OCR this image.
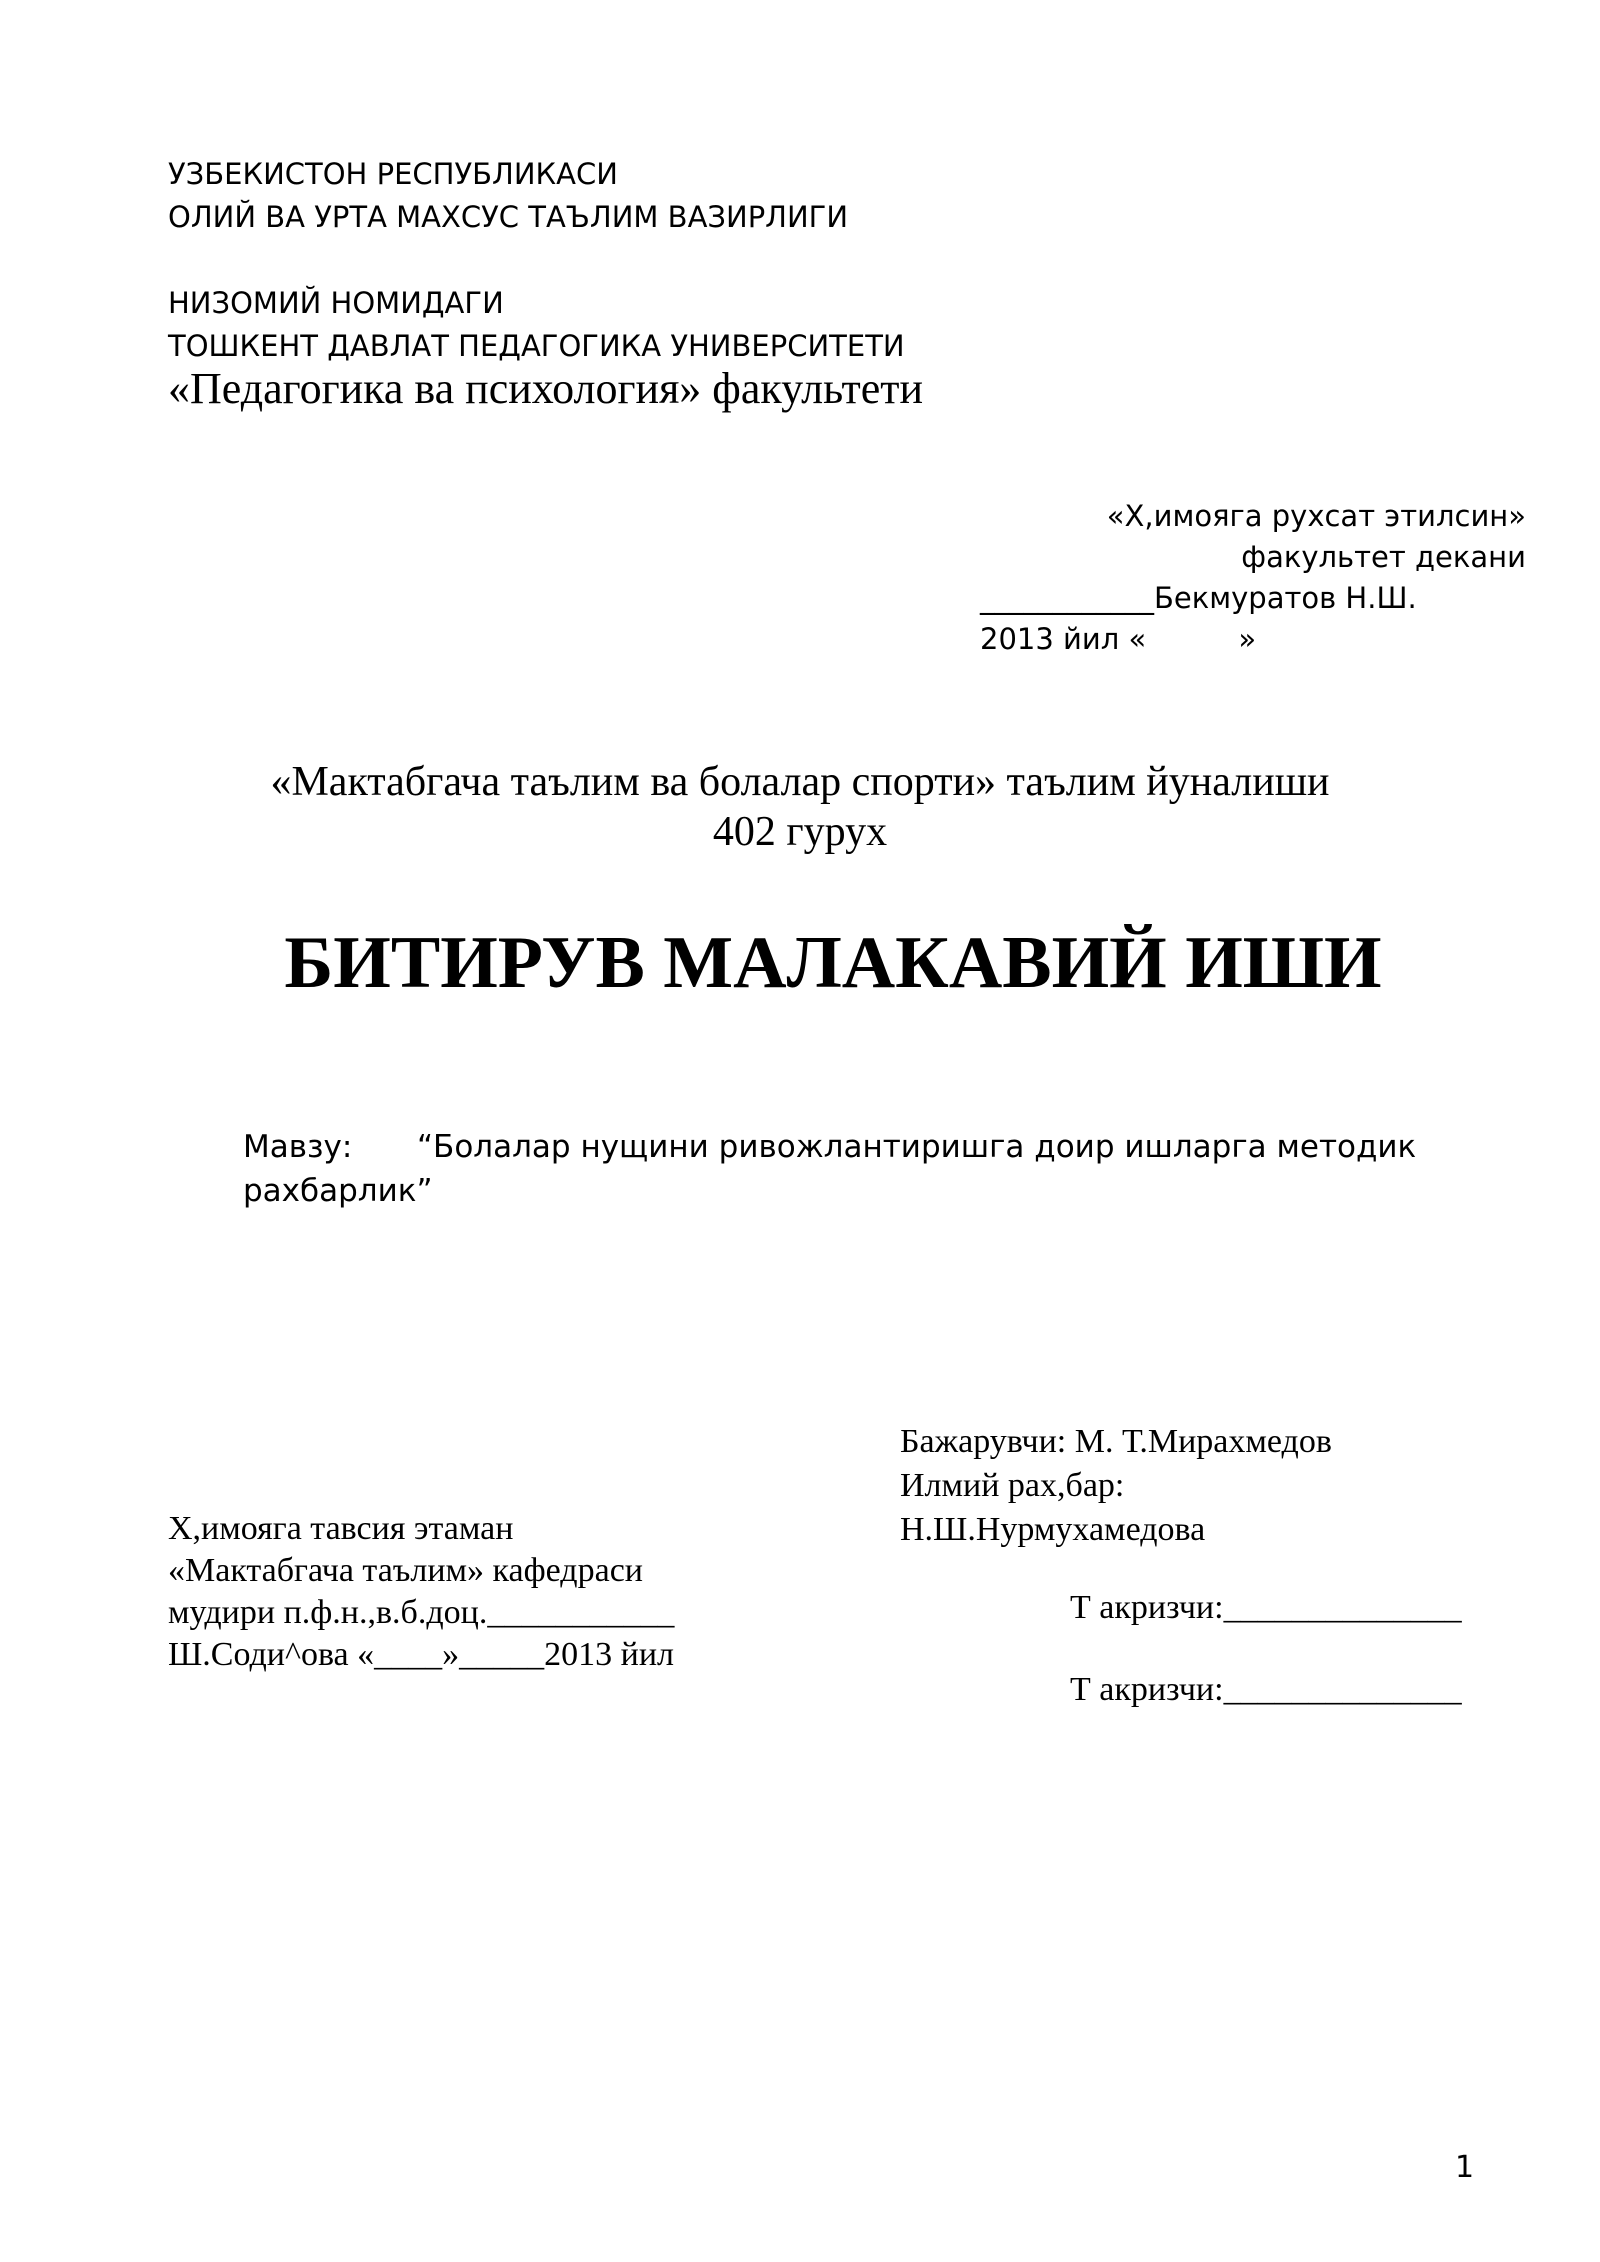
УЗБЕКИСТОН РЕСПУБЛИКАСИ
ОЛИЙ ВА УРТА МАХСУС ТАЪЛИМ ВАЗИРЛИГИ
НИЗОМИЙ НОМИДАГИ
ТОШКЕНТ ДАВЛАТ ПЕДАГОГИКА УНИВЕРСИТЕТИ
«Педагогика ва психология» факультети
«Х,имояга рухсат этилсин»
факультет декани
____________Бекмуратов Н.Ш.
2013 йил «          »
«Мактабгача таълим ва болалар спорти» таълим йуналиши
402 гурух
БИТИРУВ МАЛАКАВИЙ ИШИ
Мавзу: “Болалар нущини ривожлантиришга доир ишларга методик рахбарлик”
Бажарувчи: М. Т.Мирахмедов
Илмий рах,бар:
Н.Ш.Нурмухамедова
Х,имояга тавсия этаман
«Мактабгача таълим» кафедраси
мудири п.ф.н.,в.б.доц.___________
Ш.Соди^ова «____»_____2013 йил
Т акризчи:______________
Т акризчи:______________
1
